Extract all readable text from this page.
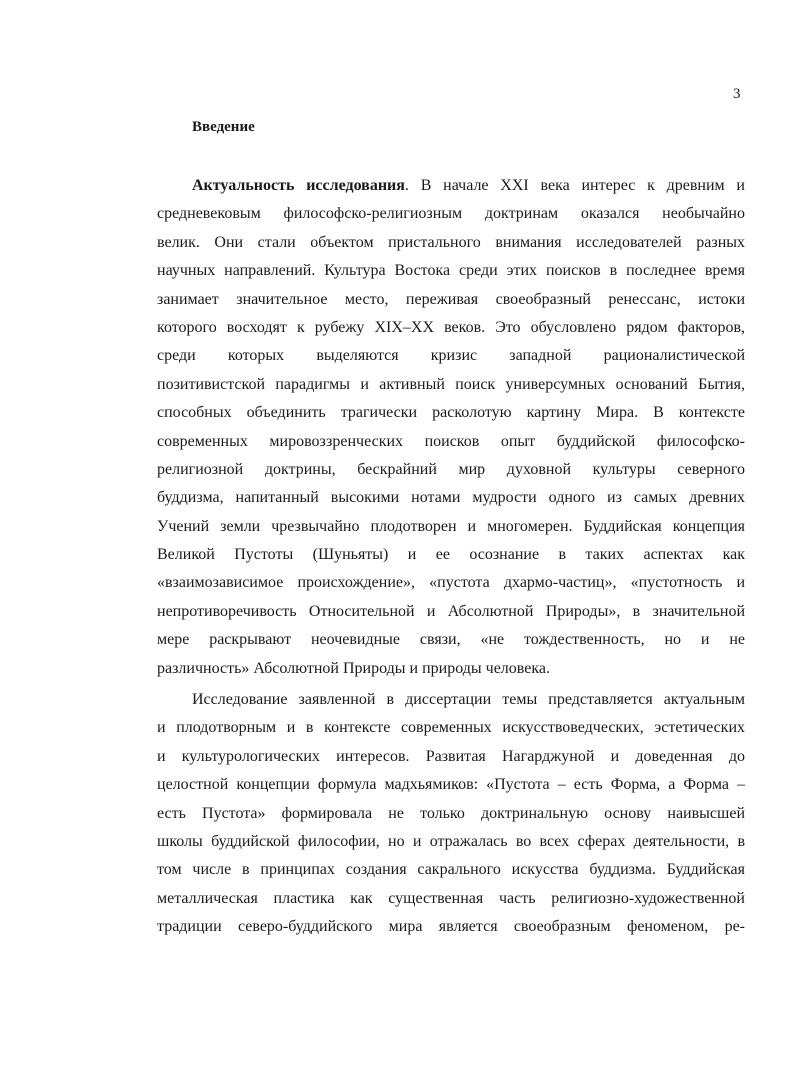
3
Введение
Актуальность исследования. В начале XXI века интерес к древним и
средневековым философско-религиозным доктринам оказался необычайно
велик. Они стали объектом пристального внимания исследователей разных
научных направлений. Культура Востока среди этих поисков в последнее время
занимает значительное место, переживая своеобразный ренессанс, истоки
которого восходят к рубежу XIX–XX веков. Это обусловлено рядом факторов,
среди которых выделяются кризис западной рационалистической
позитивистской парадигмы и активный поиск универсумных оснований Бытия,
способных объединить трагически расколотую картину Мира. В контексте
современных мировоззренческих поисков опыт буддийской философско-
религиозной доктрины, бескрайний мир духовной культуры северного
буддизма, напитанный высокими нотами мудрости одного из самых древних
Учений земли чрезвычайно плодотворен и многомерен. Буддийская концепция
Великой Пустоты (Шуньяты) и ее осознание в таких аспектах как
«взаимозависимое происхождение», «пустота дхармо-частиц», «пустотность и
непротиворечивость Относительной и Абсолютной Природы», в значительной
мере раскрывают неочевидные связи, «не тождественность, но и не
различность» Абсолютной Природы и природы человека.
Исследование заявленной в диссертации темы представляется актуальным
и плодотворным и в контексте современных искусствоведческих, эстетических
и культурологических интересов. Развитая Нагарджуной и доведенная до
целостной концепции формула мадхьямиков: «Пустота – есть Форма, а Форма –
есть Пустота» формировала не только доктринальную основу наивысшей
школы буддийской философии, но и отражалась во всех сферах деятельности, в
том числе в принципах создания сакрального искусства буддизма. Буддийская
металлическая пластика как существенная часть религиозно-художественной
традиции северо-буддийского мира является своеобразным феноменом, ре-
